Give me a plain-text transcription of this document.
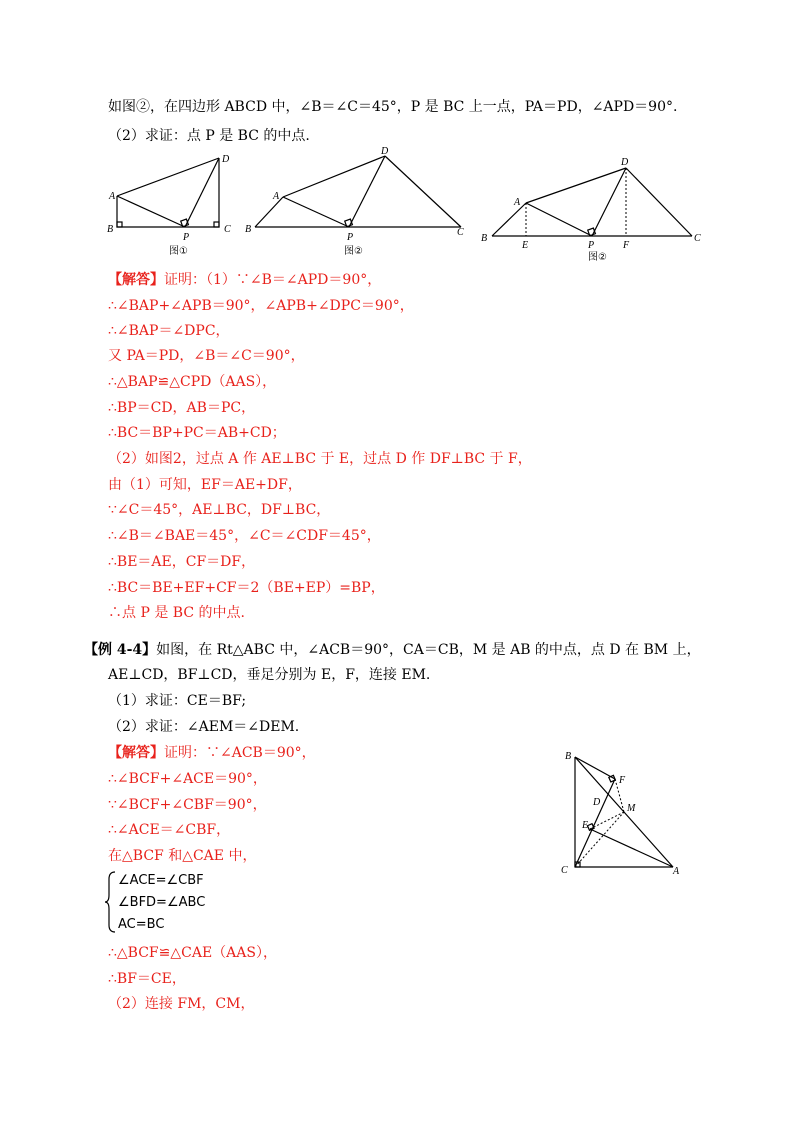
如图②，在四边形 ABCD 中，∠B＝∠C＝45°，P 是 BC 上一点，PA＝PD，∠APD＝90°.
（2）求证：点 P 是 BC 的中点.
A
B	C
D
P
图①
A
B	C
D
P
图②
A
B	C
D
E	P	F
图②
【解答】证明：（1）∵∠B＝∠APD＝90°，
∴∠BAP+∠APB＝90°，∠APB+∠DPC＝90°，
∴∠BAP＝∠DPC，
又 PA＝PD，∠B＝∠C＝90°，
∴△BAP≌△CPD（AAS），
∴BP＝CD，AB＝PC，
∴BC＝BP+PC＝AB+CD；
（2）如图2，过点 A 作 AE⊥BC 于 E，过点 D 作 DF⊥BC 于 F，
由（1）可知，EF＝AE+DF，
∵∠C＝45°，AE⊥BC，DF⊥BC，
∴∠B＝∠BAE＝45°，∠C＝∠CDF＝45°，
∴BE＝AE，CF＝DF，
∴BC＝BE+EF+CF＝2（BE+EP）=BP，
∴点 P 是 BC 的中点.
【例 4-4】如图，在 Rt△ABC 中，∠ACB＝90°，CA＝CB，M 是 AB 的中点，点 D 在 BM 上，
AE⊥CD，BF⊥CD，垂足分别为 E，F，连接 EM.
（1）求证：CE＝BF;
（2）求证：∠AEM＝∠DEM.
【解答】证明：∵∠ACB＝90°，
∴∠BCF+∠ACE＝90°，
∵∠BCF+∠CBF＝90°，
∴∠ACE＝∠CBF，
在△BCF 和△CAE 中，
∠ACE=∠CBF
∠BFD=∠ABC
AC=BC
∴△BCF≌△CAE（AAS），
∴BF＝CE，
（2）连接 FM，CM，
B
F
D
M
E
C	A
